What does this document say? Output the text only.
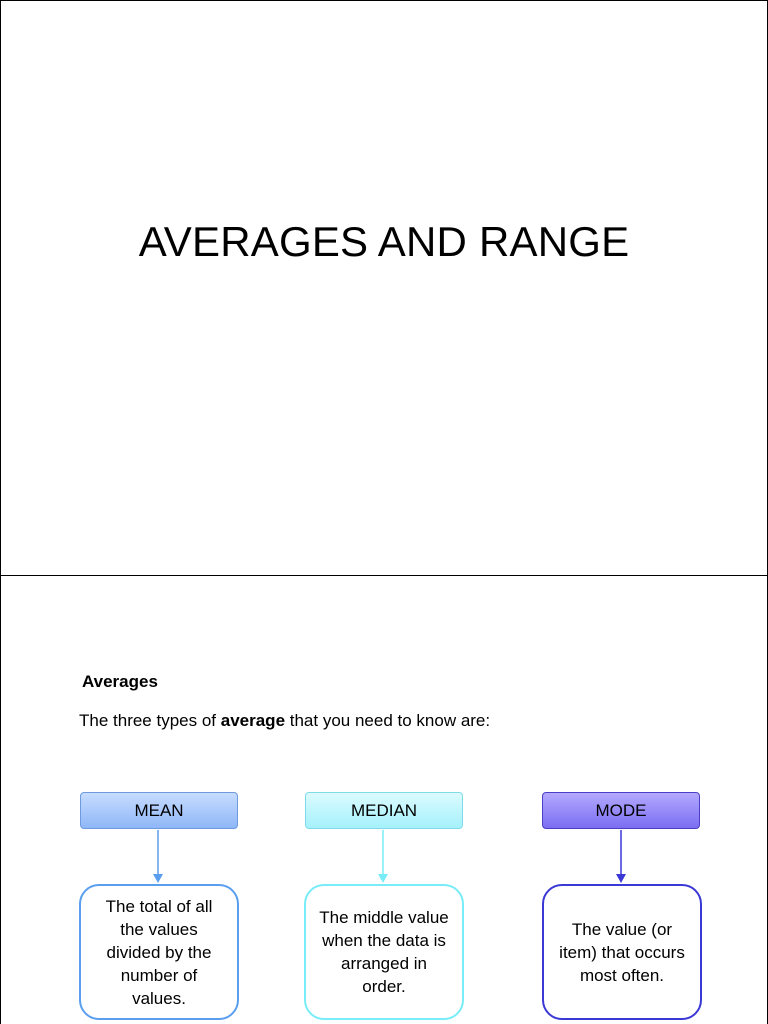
AVERAGES AND RANGE
Averages
The three types of average that you need to know are:
MEAN	MEDIAN	MODE
The total of all the values divided by the number of values.
The middle value when the data is arranged in order.
The value (or item) that occurs most often.
